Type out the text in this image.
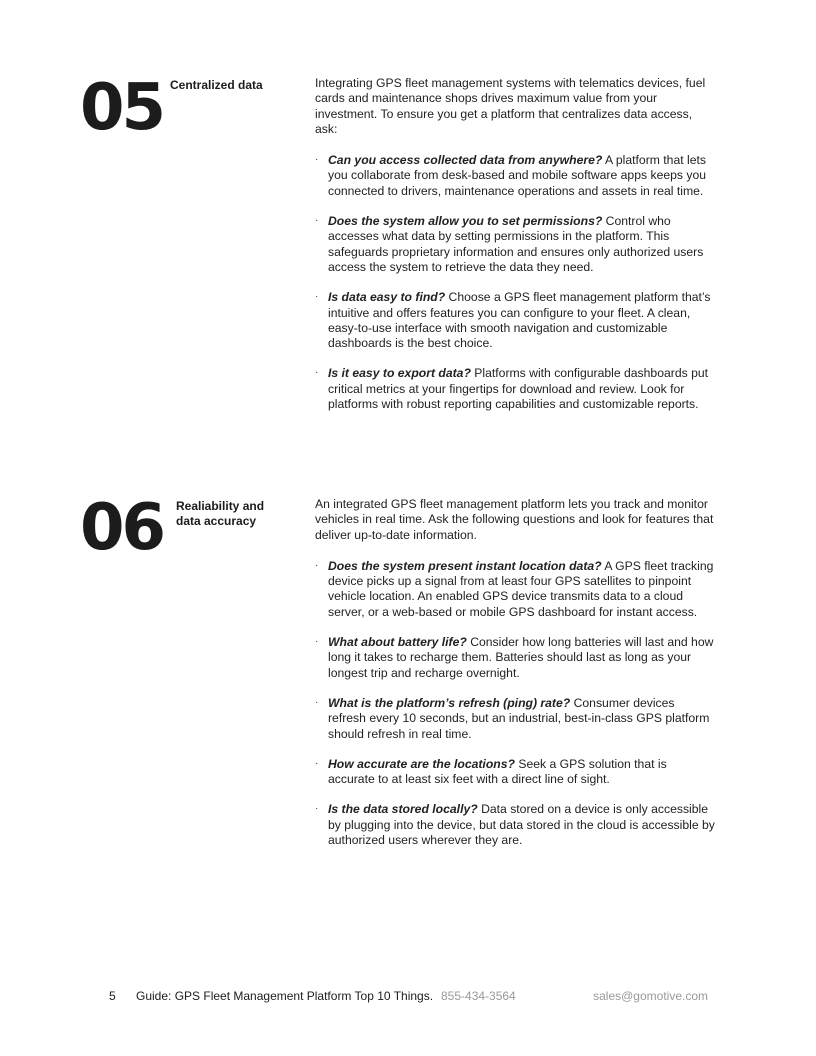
05 Centralized data	Integrating GPS fleet management systems with telematics devices, fuel cards and maintenance shops drives maximum value from your investment. To ensure you get a platform that centralizes data access, ask:

· Can you access collected data from anywhere? A platform that lets you collaborate from desk-based and mobile software apps keeps you connected to drivers, maintenance operations and assets in real time.
· Does the system allow you to set permissions? Control who accesses what data by setting permissions in the platform. This safeguards proprietary information and ensures only authorized users access the system to retrieve the data they need.
· Is data easy to find? Choose a GPS fleet management platform that’s intuitive and offers features you can configure to your fleet. A clean, easy-to-use interface with smooth navigation and customizable dashboards is the best choice.
· Is it easy to export data? Platforms with configurable dashboards put critical metrics at your fingertips for download and review. Look for platforms with robust reporting capabilities and customizable reports.
06 Realiability and
data accuracy

An integrated GPS fleet management platform lets you track and monitor vehicles in real time. Ask the following questions and look for features that deliver up-to-date information.

· Does the system present instant location data? A GPS fleet tracking device picks up a signal from at least four GPS satellites to pinpoint vehicle location. An enabled GPS device transmits data to a cloud server, or a web-based or mobile GPS dashboard for instant access.
· What about battery life? Consider how long batteries will last and how long it takes to recharge them. Batteries should last as long as your longest trip and recharge overnight.
· What is the platform’s refresh (ping) rate? Consumer devices refresh every 10 seconds, but an industrial, best-in-class GPS platform should refresh in real time.
· How accurate are the locations? Seek a GPS solution that is accurate to at least six feet with a direct line of sight.
· Is the data stored locally? Data stored on a device is only accessible by plugging into the device, but data stored in the cloud is accessible by authorized users wherever they are.
5 Guide: GPS Fleet Management Platform Top 10 Things. 855-434-3564	sales@gomotive.com
